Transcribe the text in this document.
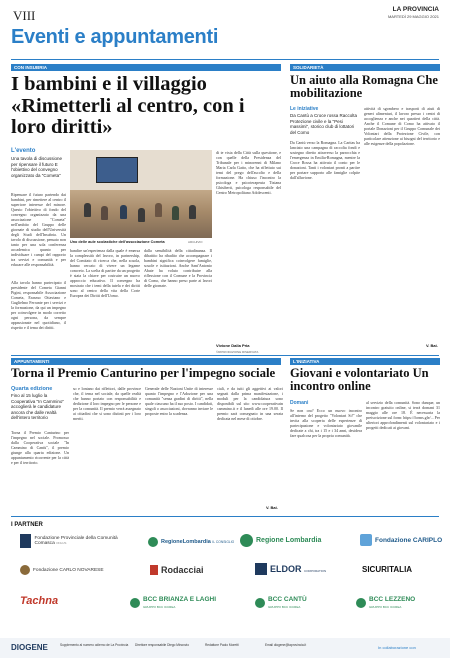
VIII	LA PROVINCIA
MARTEDÌ 29 MAGGIO 2021
Eventi e appuntamenti
CON INSUBRIA
I bambini e il villaggio «Rimetterli al centro, con i loro diritti»
L'evento
Una tavola di discussione per ripensare il futuro E l'obiettivo del convegno organizzato da "Cometa"
Ripensare il futuro partendo dai bambini, per rimettere al centro il superiore interesse del minore. Questo l'obiettivo di fondo del convegno organizzato da una associazione "Cometa" nell'ambito del Gruppo delle giornate di studio dell'Università degli Studi dell'Insubria. Un tavolo di discussione, pensato non tanto per una sola conferenza accademica quanto per individuare i campi del rapporto tra servizi e comunità e per educare alle responsabilità.
Alla tavola hanno partecipato il presidente del Cometa Gianni Pigini, responsabile Associazione Cometa, Erasmo Ottaviano e Guglielmo Ferrante per i servizi e la formazione, da qui un impegno per coinvolgere in modo corretto ogni persona, da sempre appassionate nel quotidiano, il rispetto e il tema dei diritti.
Uno delle aule scolastiche dell'associazione Cometa	ARCHIVIO
bandire un'esperienza dalla quale è emersa la complessità del lavoro, in partnership, del Comitato di ricerca che, nella scuola, hanno cercato di vivere un legame concreto. La scelta di partire da un progetto è stata la chiave per costruire un nuovo approccio educativo. Il convegno ha mostrato che i temi della tutela e dei diritti sono al centro della vita della Corte Europea dei Diritti dell'Uomo.
dalla sensibilità della cittadinanza. Il dibattito ha ribadito che accompagnare i bambini significa coinvolgere famiglie, scuole e istituzioni. Anche Sant'Antonio Abate ha voluto contribuire alla riflessione con il Comune e la Provincia di Como, che hanno preso parte ai lavori delle giornate.
di te vista della Città sulla questione, e con quelle della Presidenza del Tribunale per i minorenni di Milano Maria Carla Gatto, che ha riflettuto sui temi del prego dell'ascolto e della formazione. Ha chiuso l'incontro la psicologa e psicoterapeuta Tiziana Ghisiberti, psicologa responsabile del Centro Metropolitano Adolescenti.
Vivione Dalla Pria
©RIPRODUZIONE RISERVATA
SOLIDARIETÀ
Un aiuto alla Romagna Che mobilitazione
Le iniziative
Da Cantù a Croce rossa Raccolta Protezione civile e la "Pesi massimi", storico club di lottatori del Como
Da Cantù verso la Romagna. La Caritas ha lanciato una campagna di raccolta fondi e sostegno diretto attraverso la parrocchia e l'emergenza in Emilia-Romagna, mentre la Croce Rossa ha attivato il conto per le donazioni. Tanti i volontari pronti a partire per portare supporto alle famiglie colpite dall'alluvione.
attività di sgombero e trasporti di aiuti di generi alimentari, il lavoro presso i centri di accoglienza e anche nei quartieri della città. Anche il Comune di Como ha attivato il portale Donazioni per il Gruppo Comunale dei Volontari della Protezione Civile, con particolare attenzione ai bisogni del territorio e alle esigenze della popolazione.
V. Bai.
APPUNTAMENTI
Torna il Premio Canturino per l'impegno sociale
Quarta edizione
Fino al 15 luglio la Cooperativa "In Cammino" accoglierà le candidature ancora che dalle realtà dell'intero territorio
Torna il Premio Canturino per l'impegno nel sociale. Promosso dalla Cooperativa sociale "In Cammino di Cantù", il premio giunge alla quarta edizione. Un appuntamento ricorrente per la città e per il territorio.
so e lontano dai riflettori, dalle province che, il tema nel sociale, da quelle realtà che hanno portato con responsabilità e dedizione il loro impegno per le persone e per la comunità. Il premio verrà assegnato ai cittadini che si sono distinti per i loro meriti.
Generale delle Nazioni Unite di interesse quanto l'impegno e l'Adozione per una comunità "senza gradini di diritti", nella quale ciascuno ha il suo posto. I candidati, singoli o associazioni, dovranno inviare le proposte entro la scadenza.
ciali, e da tutti gli aggettivi ai valori segnati dalla prima manifestazione, i moduli per la candidatura sono disponibili sul sito www.cooperativain cammino.it e il lunedì alle ore 19.00. Il premio sarà consegnato in una serata dedicata nel mese di ottobre.
V. Bai.
L'INIZIATIVA
Giovani e volontariato Un incontro online
Domani
Se non ora? Ecco un nuovo incontro all'interno del progetto "Volontari Si!" che invita alla scoperta delle esperienze di partecipazione e volontariato giovanile dedicate a chi, tra i 15 e i 34 anni, desidera fare qualcosa per la propria comunità.
al servizio della comunità. Sono dunque, un incontro gratuito online, si terrà domani 31 maggio alle ore 18. È necessaria la preiscrizione sul form: https://forms.gle/... Per ulteriori approfondimenti sul volontariato e i progetti dedicati ai giovani.
I PARTNER
Fondazione Provinciale della Comunità Comasca ONLUS	RegioneLombardia IL CONSIGLIO	Regione Lombardia	Fondazione CARIPLO
Fondazione CARLO NOVARESE	Rodacciai	ELDOR CORPORATION	SICURITALIA
Tachna	BCC BRIANZA E LAGHI
GRUPPO BCC ICCREA
BCC CANTÙ
GRUPPO BCC ICCREA
BCC LEZZENO
GRUPPO BCC ICCREA
DIOGENE	Supplemento al numero odierno de La Provincia	Direttore responsabile Diego Minonzio	Redattore Paolo Moretti	Email diogene@laprovincia.it	In collaborazione con
